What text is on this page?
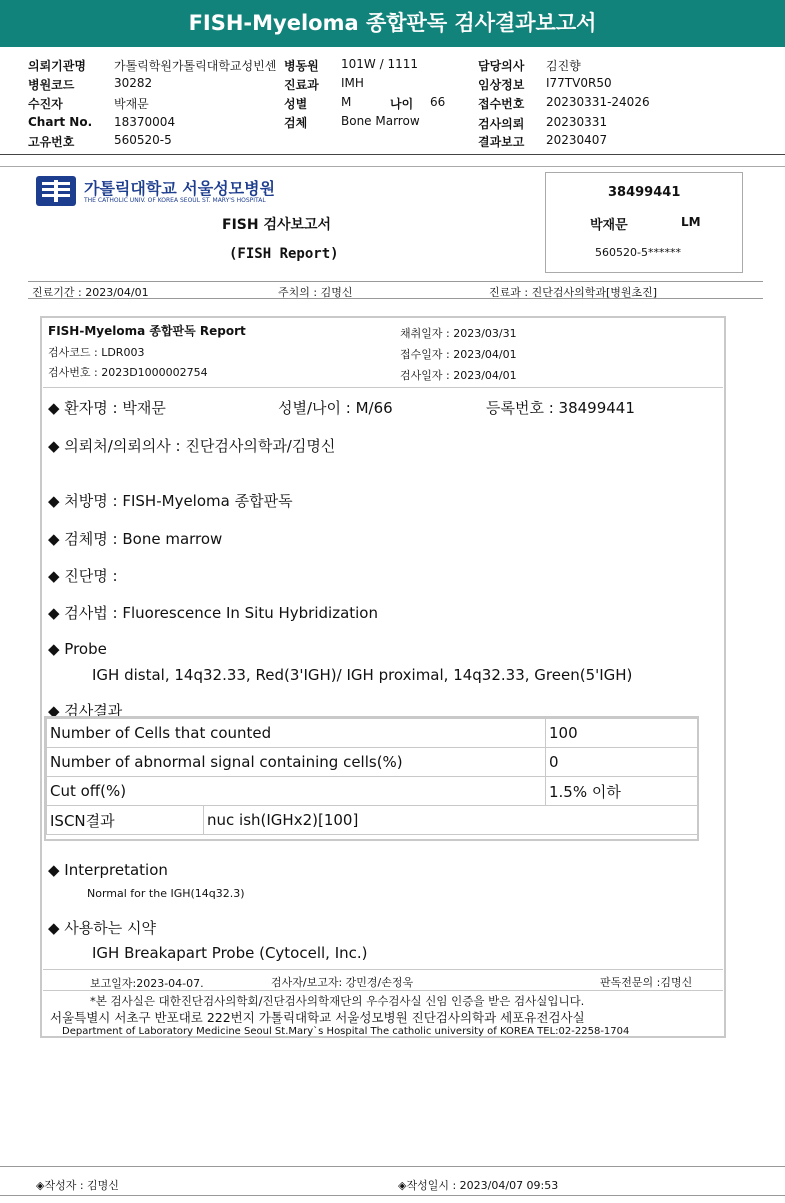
FISH-Myeloma 종합판독 검사결과보고서
의뢰기관명 가톨릭학원가톨릭대학교성빈센 병동원 101W / 1111	담당의사 김진향
병원코드	30282	진료과 IMH	임상정보 I77TV0R50
수진자	박재문	성별	M	나이 66	접수번호 20230331-24026
Chart No. 18370004	검체	Bone Marrow	검사의뢰 20230331
고유번호	560520-5	결과보고 20230407
가톨릭대학교 서울성모병원
THE CATHOLIC UNIV. OF KOREA SEOUL ST. MARY'S HOSPITAL
FISH 검사보고서
(FISH Report)
38499441
박재문	LM
560520-5******
진료기간 : 2023/04/01	주치의 : 김명신	진료과 : 진단검사의학과[병원초진]
FISH-Myeloma 종합판독 Report
검사코드 : LDR003
검사번호 : 2023D1000002754
채취일자 : 2023/03/31
접수일자 : 2023/04/01
검사일자 : 2023/04/01
◆ 환자명 : 박재문	성별/나이 : M/66	등록번호 : 38499441
◆ 의뢰처/의뢰의사 : 진단검사의학과/김명신
◆ 처방명 : FISH-Myeloma 종합판독
◆ 검체명 : Bone marrow
◆ 진단명 :
◆ 검사법 : Fluorescence In Situ Hybridization
◆ Probe
IGH distal, 14q32.33, Red(3'IGH)/ IGH proximal, 14q32.33, Green(5'IGH)
◆ 검사결과
Number of Cells that counted		100
Number of abnormal signal containing cells(%)		0
Cut off(%)		1.5% 이하
ISCN결과	nuc ish(IGHx2)[100]	
◆ Interpretation
Normal for the IGH(14q32.3)
◆ 사용하는 시약
IGH Breakapart Probe (Cytocell, Inc.)
보고일자:2023-04-07.	검사자/보고자: 강민경/손정욱	판독전문의 :김명신
*본 검사실은 대한진단검사의학회/진단검사의학재단의 우수검사실 신임 인증을 받은 검사실입니다.
서울특별시 서초구 반포대로 222번지 가톨릭대학교 서울성모병원 진단검사의학과 세포유전검사실
Department of Laboratory Medicine Seoul St.Mary`s Hospital The catholic university of KOREA TEL:02-2258-1704
◈작성자 : 김명신	◈작성일시 : 2023/04/07 09:53
